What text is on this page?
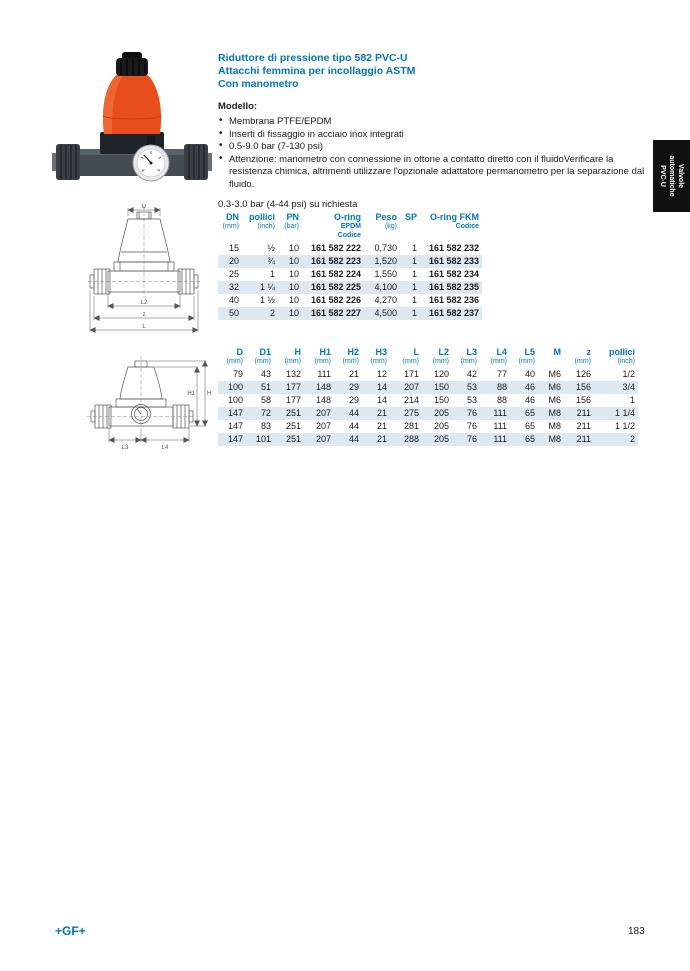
Riduttore di pressione tipo 582 PVC-U
Attacchi femmina per incollaggio ASTM
Con manometro
Modello:
• Membrana PTFE/EPDM
• Inserti di fissaggio in acciaio inox integrati
• 0.5-9.0 bar (7-130 psi)
• Attenzione: manometro con connessione in ottone a contatto diretto con il fluidoVerificare la resistenza chimica, altrimenti utilizzare l'opzionale adattatore permanometro per la separazione dal fluido.
0.3-3.0 bar (4-44 psi) su richiesta
Valvole
automatiche
PVC-U
D
L2
z
L
H1 H
L3	L4
DN	pollici	PN	O-ring	Peso	SP	O-ring FKM
(mm)	(inch)	(bar)	EPDM	(kg)		Codice
			Codice			
15	½	10	161 582 222	0,730	1	161 582 232
20	¾	10	161 582 223	1,520	1	161 582 233
25	1	10	161 582 224	1,550	1	161 582 234
32	1 ¼	10	161 582 225	4,100	1	161 582 235
40	1 ½	10	161 582 226	4,270	1	161 582 236
50	2	10	161 582 227	4,500	1	161 582 237
D	D1	H	H1	H2	H3	L	L2	L3	L4	L5	M	z	pollici
(mm)	(mm)	(mm)	(mm)	(mm)	(mm)	(mm)	(mm)	(mm)	(mm)	(mm)		(mm)	(inch)
79	43	132	111	21	12	171	120	42	77	40	M6	126	1/2
100	51	177	148	29	14	207	150	53	88	46	M6	156	3/4
100	58	177	148	29	14	214	150	53	88	46	M6	156	1
147	72	251	207	44	21	275	205	76	111	65	M8	211	1 1/4
147	83	251	207	44	21	281	205	76	111	65	M8	211	1 1/2
147	101	251	207	44	21	288	205	76	111	65	M8	211	2
+GF+	183
